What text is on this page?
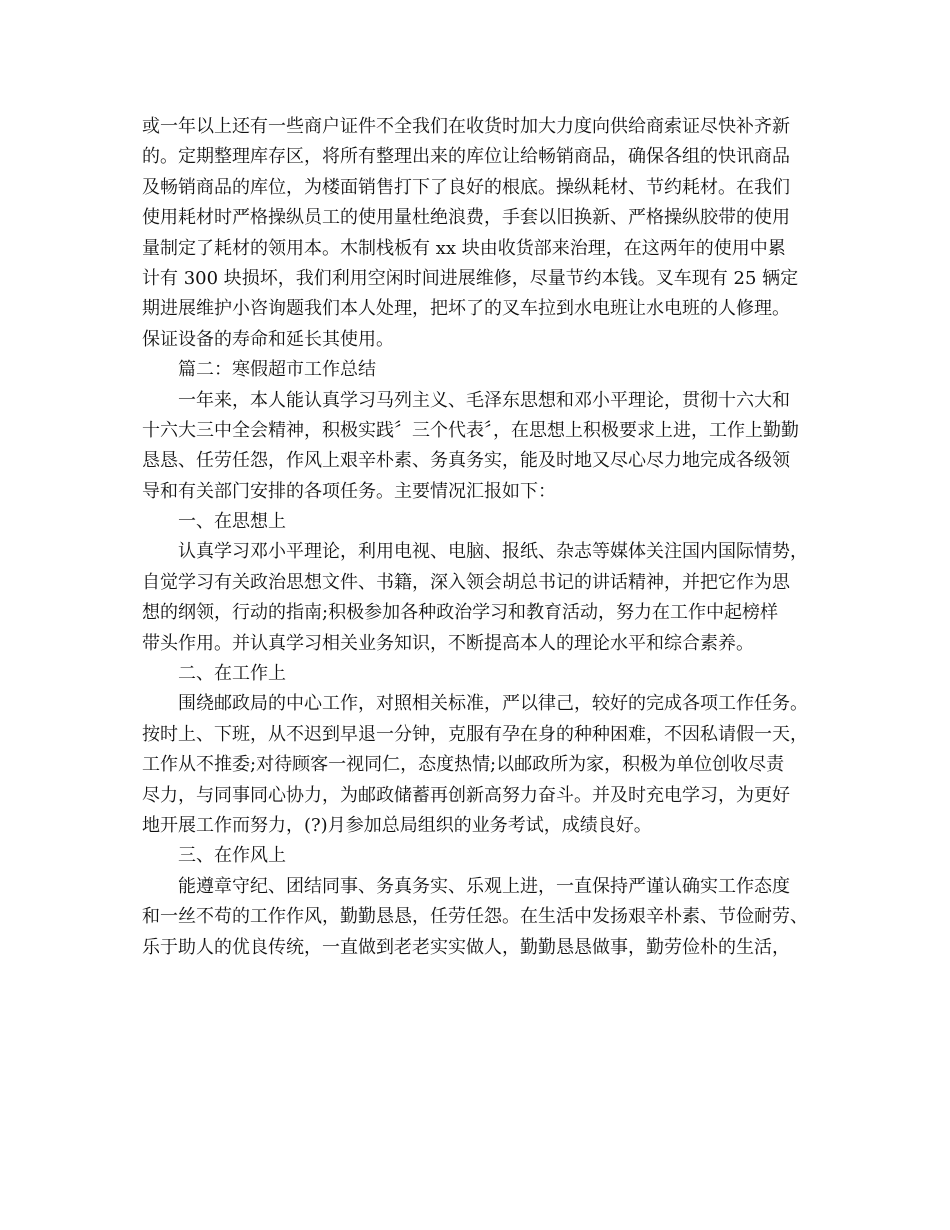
或一年以上还有一些商户证件不全我们在收货时加大力度向供给商索证尽快补齐新
的。定期整理库存区，将所有整理出来的库位让给畅销商品，确保各组的快讯商品
及畅销商品的库位，为楼面销售打下了良好的根底。操纵耗材、节约耗材。在我们
使用耗材时严格操纵员工的使用量杜绝浪费，手套以旧换新、严格操纵胶带的使用
量制定了耗材的领用本。木制栈板有 xx 块由收货部来治理，在这两年的使用中累
计有 300 块损坏，我们利用空闲时间进展维修，尽量节约本钱。叉车现有 25 辆定
期进展维护小咨询题我们本人处理，把坏了的叉车拉到水电班让水电班的人修理。
保证设备的寿命和延长其使用。
篇二：寒假超市工作总结
一年来，本人能认真学习马列主义、毛泽东思想和邓小平理论，贯彻十六大和
十六大三中全会精神，积极实践〞三个代表〞，在思想上积极要求上进，工作上勤勤
恳恳、任劳任怨，作风上艰辛朴素、务真务实，能及时地又尽心尽力地完成各级领
导和有关部门安排的各项任务。主要情况汇报如下：
一、在思想上
认真学习邓小平理论，利用电视、电脑、报纸、杂志等媒体关注国内国际情势，
自觉学习有关政治思想文件、书籍，深入领会胡总书记的讲话精神，并把它作为思
想的纲领，行动的指南;积极参加各种政治学习和教育活动，努力在工作中起榜样
带头作用。并认真学习相关业务知识，不断提高本人的理论水平和综合素养。
二、在工作上
围绕邮政局的中心工作，对照相关标准，严以律己，较好的完成各项工作任务。
按时上、下班，从不迟到早退一分钟，克服有孕在身的种种困难，不因私请假一天，
工作从不推委;对待顾客一视同仁，态度热情;以邮政所为家，积极为单位创收尽责
尽力，与同事同心协力，为邮政储蓄再创新高努力奋斗。并及时充电学习，为更好
地开展工作而努力，(?)月参加总局组织的业务考试，成绩良好。
三、在作风上
能遵章守纪、团结同事、务真务实、乐观上进，一直保持严谨认确实工作态度
和一丝不苟的工作作风，勤勤恳恳，任劳任怨。在生活中发扬艰辛朴素、节俭耐劳、
乐于助人的优良传统，一直做到老老实实做人，勤勤恳恳做事，勤劳俭朴的生活，
